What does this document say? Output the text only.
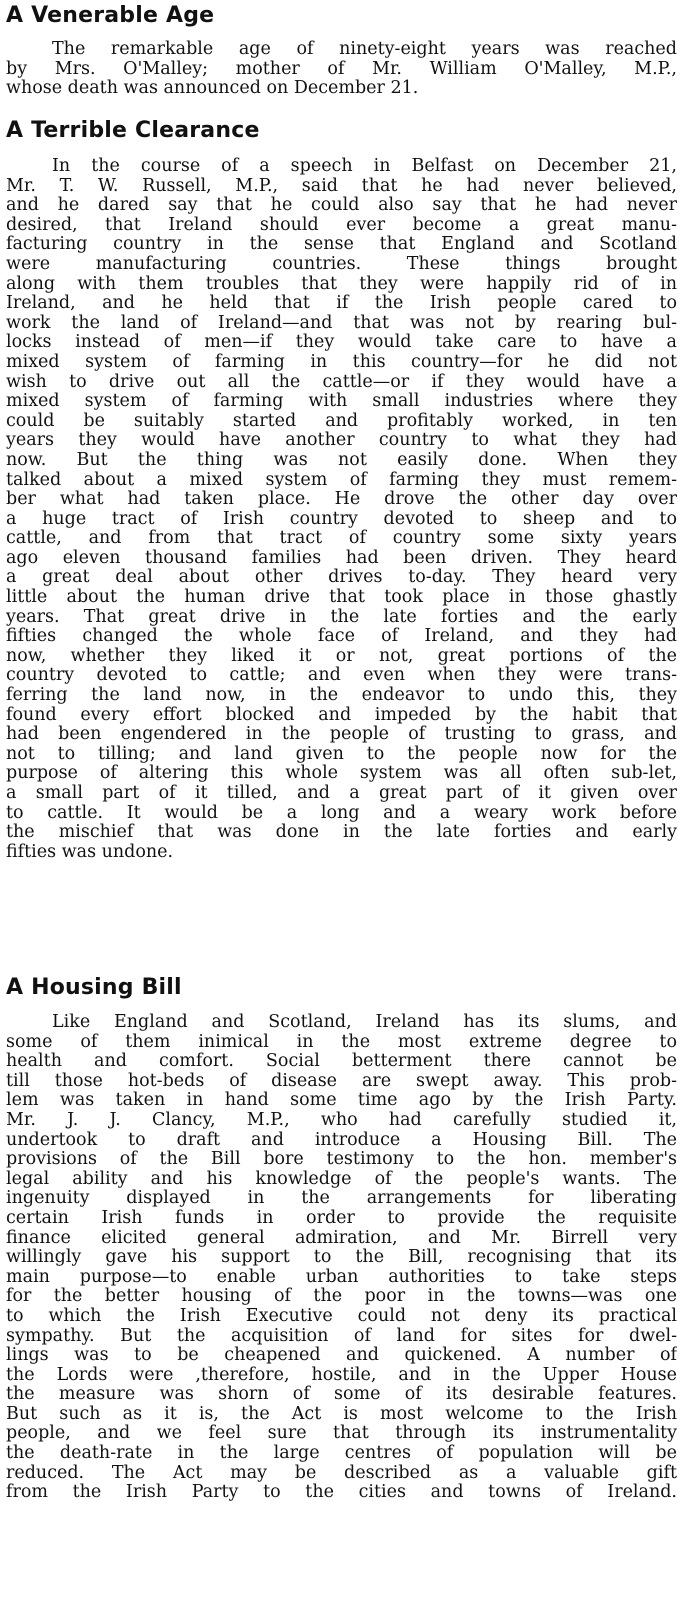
A Venerable Age
The remarkable age of ninety-eight years was reached
by Mrs. O'Malley; mother of Mr. William O'Malley, M.P.,
whose death was announced on December 21.
A Terrible Clearance
In the course of a speech in Belfast on December 21,
Mr. T. W. Russell, M.P., said that he had never believed,
and he dared say that he could also say that he had never
desired, that Ireland should ever become a great manu-
facturing country in the sense that England and Scotland
were manufacturing countries. These things brought
along with them troubles that they were happily rid of in
Ireland, and he held that if the Irish people cared to
work the land of Ireland—and that was not by rearing bul-
locks instead of men—if they would take care to have a
mixed system of farming in this country—for he did not
wish to drive out all the cattle—or if they would have a
mixed system of farming with small industries where they
could be suitably started and profitably worked, in ten
years they would have another country to what they had
now. But the thing was not easily done. When they
talked about a mixed system of farming they must remem-
ber what had taken place. He drove the other day over
a huge tract of Irish country devoted to sheep and to
cattle, and from that tract of country some sixty years
ago eleven thousand families had been driven. They heard
a great deal about other drives to-day. They heard very
little about the human drive that took place in those ghastly
years. That great drive in the late forties and the early
fifties changed the whole face of Ireland, and they had
now, whether they liked it or not, great portions of the
country devoted to cattle; and even when they were trans-
ferring the land now, in the endeavor to undo this, they
found every effort blocked and impeded by the habit that
had been engendered in the people of trusting to grass, and
not to tilling; and land given to the people now for the
purpose of altering this whole system was all often sub-let,
a small part of it tilled, and a great part of it given over
to cattle. It would be a long and a weary work before
the mischief that was done in the late forties and early
fifties was undone.
A Housing Bill
Like England and Scotland, Ireland has its slums, and
some of them inimical in the most extreme degree to
health and comfort. Social betterment there cannot be
till those hot-beds of disease are swept away. This prob-
lem was taken in hand some time ago by the Irish Party.
Mr. J. J. Clancy, M.P., who had carefully studied it,
undertook to draft and introduce a Housing Bill. The
provisions of the Bill bore testimony to the hon. member's
legal ability and his knowledge of the people's wants. The
ingenuity displayed in the arrangements for liberating
certain Irish funds in order to provide the requisite
finance elicited general admiration, and Mr. Birrell very
willingly gave his support to the Bill, recognising that its
main purpose—to enable urban authorities to take steps
for the better housing of the poor in the towns—was one
to which the Irish Executive could not deny its practical
sympathy. But the acquisition of land for sites for dwel-
lings was to be cheapened and quickened. A number of
the Lords were ,therefore, hostile, and in the Upper House
the measure was shorn of some of its desirable features.
But such as it is, the Act is most welcome to the Irish
people, and we feel sure that through its instrumentality
the death-rate in the large centres of population will be
reduced. The Act may be described as a valuable gift
from the Irish Party to the cities and towns of Ireland.
